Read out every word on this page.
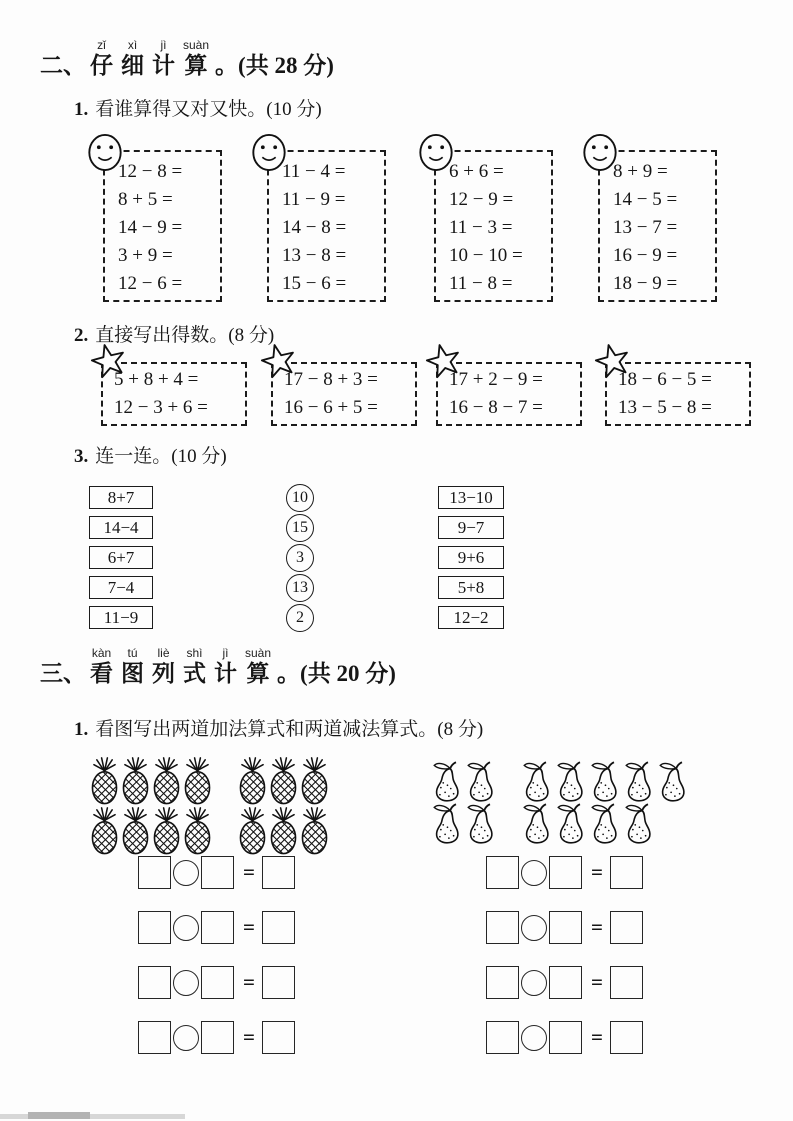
二、
zǐ
仔
xì
细
jì
计
suàn
算 。(共 28 分)
1. 看谁算得又对又快。(10 分)
12 − 8 =
8 + 5 =
14 − 9 =
3 + 9 =
12 − 6 =
11 − 4 =
11 − 9 =
14 − 8 =
13 − 8 =
15 − 6 =
6 + 6 =
12 − 9 =
11 − 3 =
10 − 10 =
11 − 8 =
8 + 9 =
14 − 5 =
13 − 7 =
16 − 9 =
18 − 9 =
2. 直接写出得数。(8 分)
5 + 8 + 4 =
12 − 3 + 6 =
17 − 8 + 3 =
16 − 6 + 5 =
17 + 2 − 9 =
16 − 8 − 7 =
18 − 6 − 5 =
13 − 5 − 8 =
3. 连一连。(10 分)
8+7
14−4
6+7
7−4
11−9
10
15
3
13
2
13−10
9−7
9+6
5+8
12−2
三、
kàn
看
tú
图
liè
列
shì
式
jì
计
suàn
算 。(共 20 分)
1. 看图写出两道加法算式和两道减法算式。(8 分)
=
=
=
=
=
=
=
=
